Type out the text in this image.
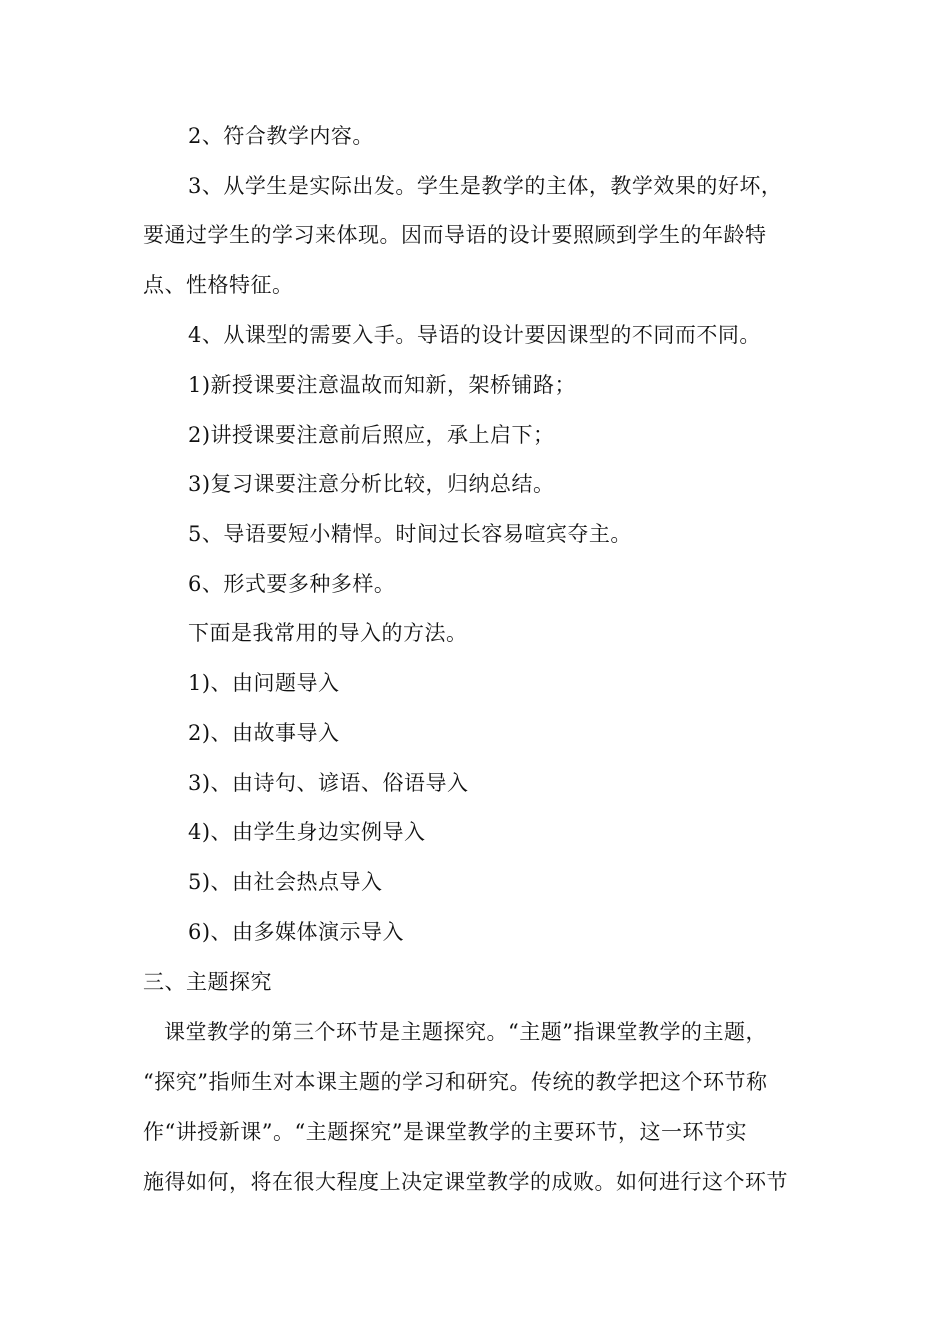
2、符合教学内容。
3、从学生是实际出发。学生是教学的主体，教学效果的好坏，
要通过学生的学习来体现。因而导语的设计要照顾到学生的年龄特
点、性格特征。
4、从课型的需要入手。导语的设计要因课型的不同而不同。
1)新授课要注意温故而知新，架桥铺路；
2)讲授课要注意前后照应，承上启下；
3)复习课要注意分析比较，归纳总结。
5、导语要短小精悍。时间过长容易喧宾夺主。
6、形式要多种多样。
下面是我常用的导入的方法。
1)、由问题导入
2)、由故事导入
3)、由诗句、谚语、俗语导入
4)、由学生身边实例导入
5)、由社会热点导入
6)、由多媒体演示导入
三、主题探究
课堂教学的第三个环节是主题探究。“主题”指课堂教学的主题，
“探究”指师生对本课主题的学习和研究。传统的教学把这个环节称
作“讲授新课”。“主题探究”是课堂教学的主要环节，这一环节实
施得如何，将在很大程度上决定课堂教学的成败。如何进行这个环节
